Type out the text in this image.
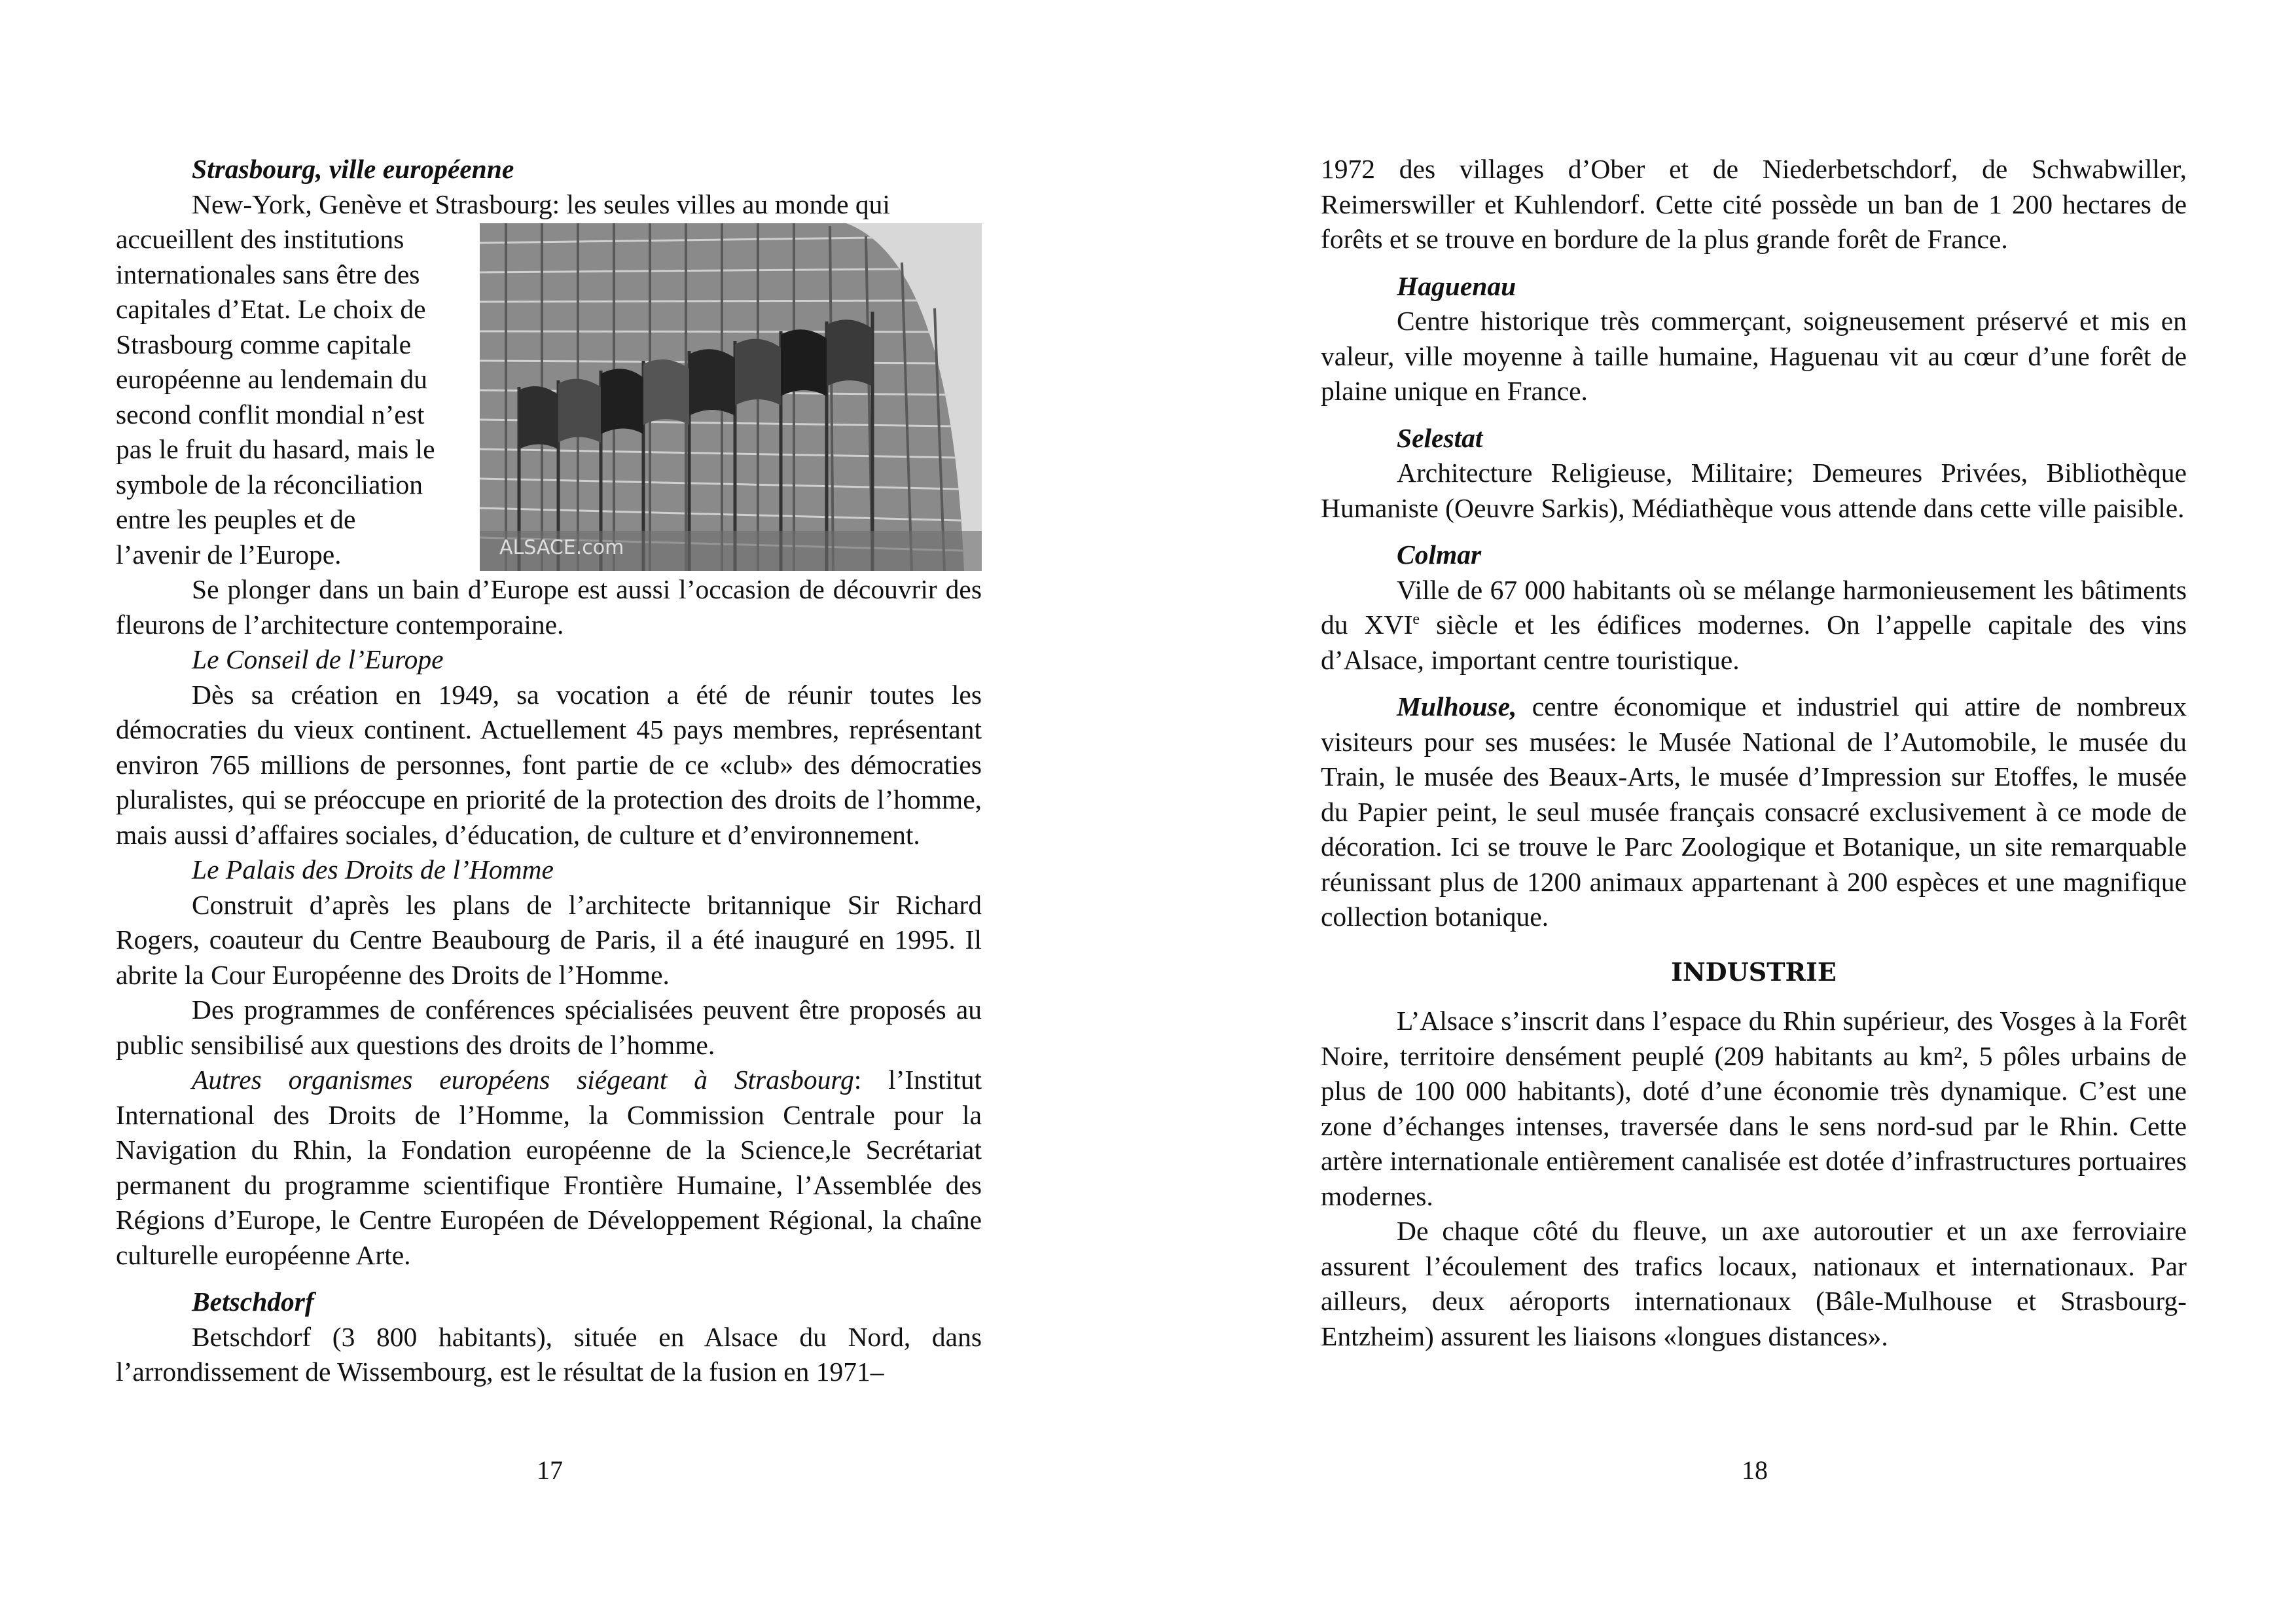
Strasbourg, ville européenne

New-York, Genève et Strasbourg: les seules villes au monde qui

accueillent des institutions

internationales sans être des

capitales d’Etat. Le choix de

Strasbourg comme capitale

européenne au lendemain du

second conflit mondial n’est

pas le fruit du hasard, mais le

symbole de la réconciliation

entre les peuples et de

l’avenir de l’Europe.	ALSACE.com

Se plonger dans un bain d’Europe est aussi l’occasion de découvrir des fleurons de l’architecture contemporaine.

Le Conseil de l’Europe

Dès sa création en 1949, sa vocation a été de réunir toutes les démocraties du vieux continent. Actuellement 45 pays membres, représentant environ 765 millions de personnes, font partie de ce «club» des démocraties pluralistes, qui se préoccupe en priorité de la protection des droits de l’homme, mais aussi d’affaires sociales, d’éducation, de culture et d’environnement.

Le Palais des Droits de l’Homme

Construit d’après les plans de l’architecte britannique Sir Richard Rogers, coauteur du Centre Beaubourg de Paris, il a été inauguré en 1995. Il abrite la Cour Européenne des Droits de l’Homme.

Des programmes de conférences spécialisées peuvent être proposés au public sensibilisé aux questions des droits de l’homme.

Autres organismes européens siégeant à Strasbourg: l’Institut International des Droits de l’Homme, la Commission Centrale pour la Navigation du Rhin, la Fondation européenne de la Science,le Secrétariat permanent du programme scientifique Frontière Humaine, l’Assemblée des Régions d’Europe, le Centre Européen de Développement Régional, la chaîne culturelle européenne Arte.

Betschdorf

Betschdorf (3 800 habitants), située en Alsace du Nord, dans l’arrondissement de Wissembourg, est le résultat de la fusion en 1971–

17

1972 des villages d’Ober et de Niederbetschdorf, de Schwabwiller, Reimerswiller et Kuhlendorf. Cette cité possède un ban de 1 200 hectares de forêts et se trouve en bordure de la plus grande forêt de France.

Haguenau

Centre historique très commerçant, soigneusement préservé et mis en valeur, ville moyenne à taille humaine, Haguenau vit au cœur d’une forêt de plaine unique en France.

Selestat

Architecture Religieuse, Militaire; Demeures Privées, Bibliothèque Humaniste (Oeuvre Sarkis), Médiathèque vous attende dans cette ville paisible.

Colmar

Ville de 67 000 habitants où se mélange harmonieusement les bâtiments du XVIe siècle et les édifices modernes. On l’appelle capitale des vins d’Alsace, important centre touristique.

Mulhouse, centre économique et industriel qui attire de nombreux visiteurs pour ses musées: le Musée National de l’Automobile, le musée du Train, le musée des Beaux-Arts, le musée d’Impression sur Etoffes, le musée du Papier peint, le seul musée français consacré exclusivement à ce mode de décoration. Ici se trouve le Parc Zoologique et Botanique, un site remarquable réunissant plus de 1200 animaux appartenant à 200 espèces et une magnifique collection botanique.

INDUSTRIE

L’Alsace s’inscrit dans l’espace du Rhin supérieur, des Vosges à la Forêt Noire, territoire densément peuplé (209 habitants au km², 5 pôles urbains de plus de 100 000 habitants), doté d’une économie très dynamique. C’est une zone d’échanges intenses, traversée dans le sens nord-sud par le Rhin. Cette artère internationale entièrement canalisée est dotée d’infrastructures portuaires modernes.

De chaque côté du fleuve, un axe autoroutier et un axe ferroviaire assurent l’écoulement des trafics locaux, nationaux et internationaux. Par ailleurs, deux aéroports internationaux (Bâle-Mulhouse et Strasbourg-Entzheim) assurent les liaisons «longues distances».

18
